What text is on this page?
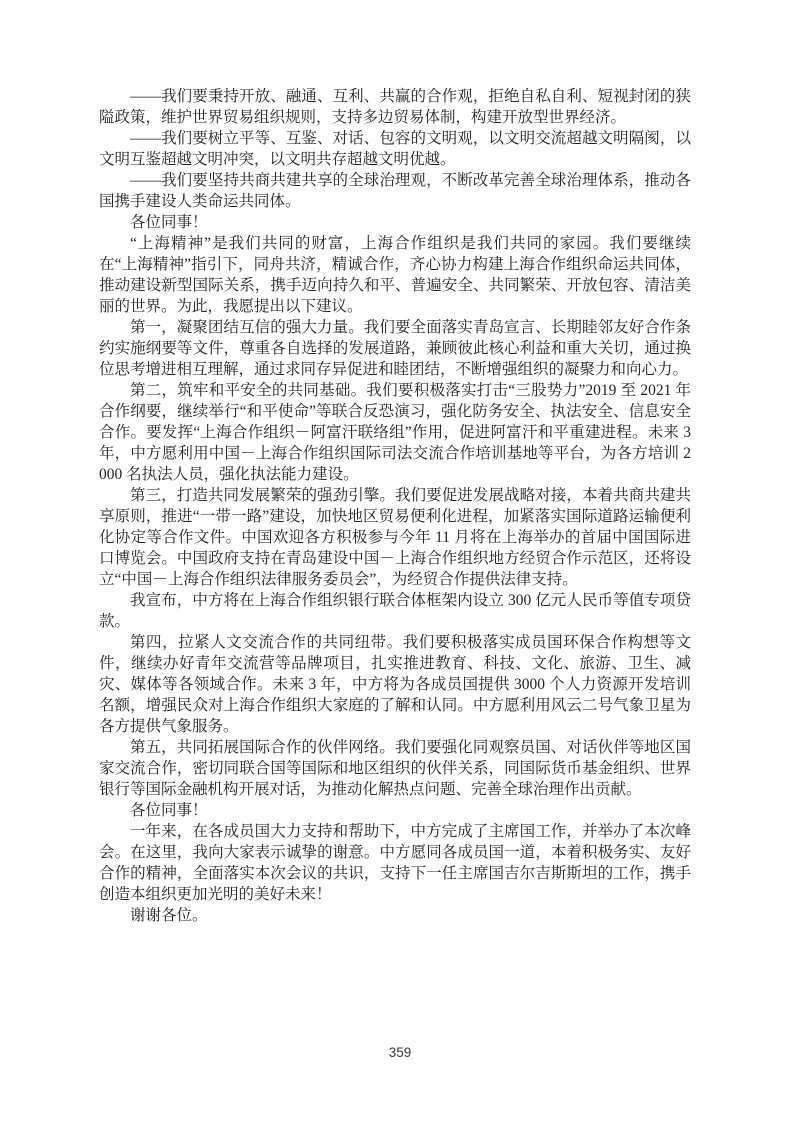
——我们要秉持开放、融通、互利、共赢的合作观，拒绝自私自利、短视封闭的狭隘政策，维护世界贸易组织规则，支持多边贸易体制，构建开放型世界经济。

——我们要树立平等、互鉴、对话、包容的文明观，以文明交流超越文明隔阂，以文明互鉴超越文明冲突，以文明共存超越文明优越。

——我们要坚持共商共建共享的全球治理观，不断改革完善全球治理体系，推动各国携手建设人类命运共同体。

各位同事！

“上海精神”是我们共同的财富，上海合作组织是我们共同的家园。我们要继续在“上海精神”指引下，同舟共济，精诚合作，齐心协力构建上海合作组织命运共同体，推动建设新型国际关系，携手迈向持久和平、普遍安全、共同繁荣、开放包容、清洁美丽的世界。为此，我愿提出以下建议。

第一，凝聚团结互信的强大力量。我们要全面落实青岛宣言、长期睦邻友好合作条约实施纲要等文件，尊重各自选择的发展道路，兼顾彼此核心利益和重大关切，通过换位思考增进相互理解，通过求同存异促进和睦团结，不断增强组织的凝聚力和向心力。

第二，筑牢和平安全的共同基础。我们要积极落实打击“三股势力”2019 至 2021 年合作纲要，继续举行“和平使命”等联合反恐演习，强化防务安全、执法安全、信息安全合作。要发挥“上海合作组织－阿富汗联络组”作用，促进阿富汗和平重建进程。未来 3 年，中方愿利用中国－上海合作组织国际司法交流合作培训基地等平台，为各方培训 2000 名执法人员，强化执法能力建设。

第三，打造共同发展繁荣的强劲引擎。我们要促进发展战略对接，本着共商共建共享原则，推进“一带一路”建设，加快地区贸易便利化进程，加紧落实国际道路运输便利化协定等合作文件。中国欢迎各方积极参与今年 11 月将在上海举办的首届中国国际进口博览会。中国政府支持在青岛建设中国－上海合作组织地方经贸合作示范区，还将设立“中国－上海合作组织法律服务委员会”，为经贸合作提供法律支持。

我宣布，中方将在上海合作组织银行联合体框架内设立 300 亿元人民币等值专项贷款。

第四，拉紧人文交流合作的共同纽带。我们要积极落实成员国环保合作构想等文件，继续办好青年交流营等品牌项目，扎实推进教育、科技、文化、旅游、卫生、减灾、媒体等各领域合作。未来 3 年，中方将为各成员国提供 3000 个人力资源开发培训名额，增强民众对上海合作组织大家庭的了解和认同。中方愿利用风云二号气象卫星为各方提供气象服务。

第五，共同拓展国际合作的伙伴网络。我们要强化同观察员国、对话伙伴等地区国家交流合作，密切同联合国等国际和地区组织的伙伴关系，同国际货币基金组织、世界银行等国际金融机构开展对话，为推动化解热点问题、完善全球治理作出贡献。

各位同事！

一年来，在各成员国大力支持和帮助下，中方完成了主席国工作，并举办了本次峰会。在这里，我向大家表示诚挚的谢意。中方愿同各成员国一道，本着积极务实、友好合作的精神，全面落实本次会议的共识，支持下一任主席国吉尔吉斯斯坦的工作，携手创造本组织更加光明的美好未来！

谢谢各位。

359
